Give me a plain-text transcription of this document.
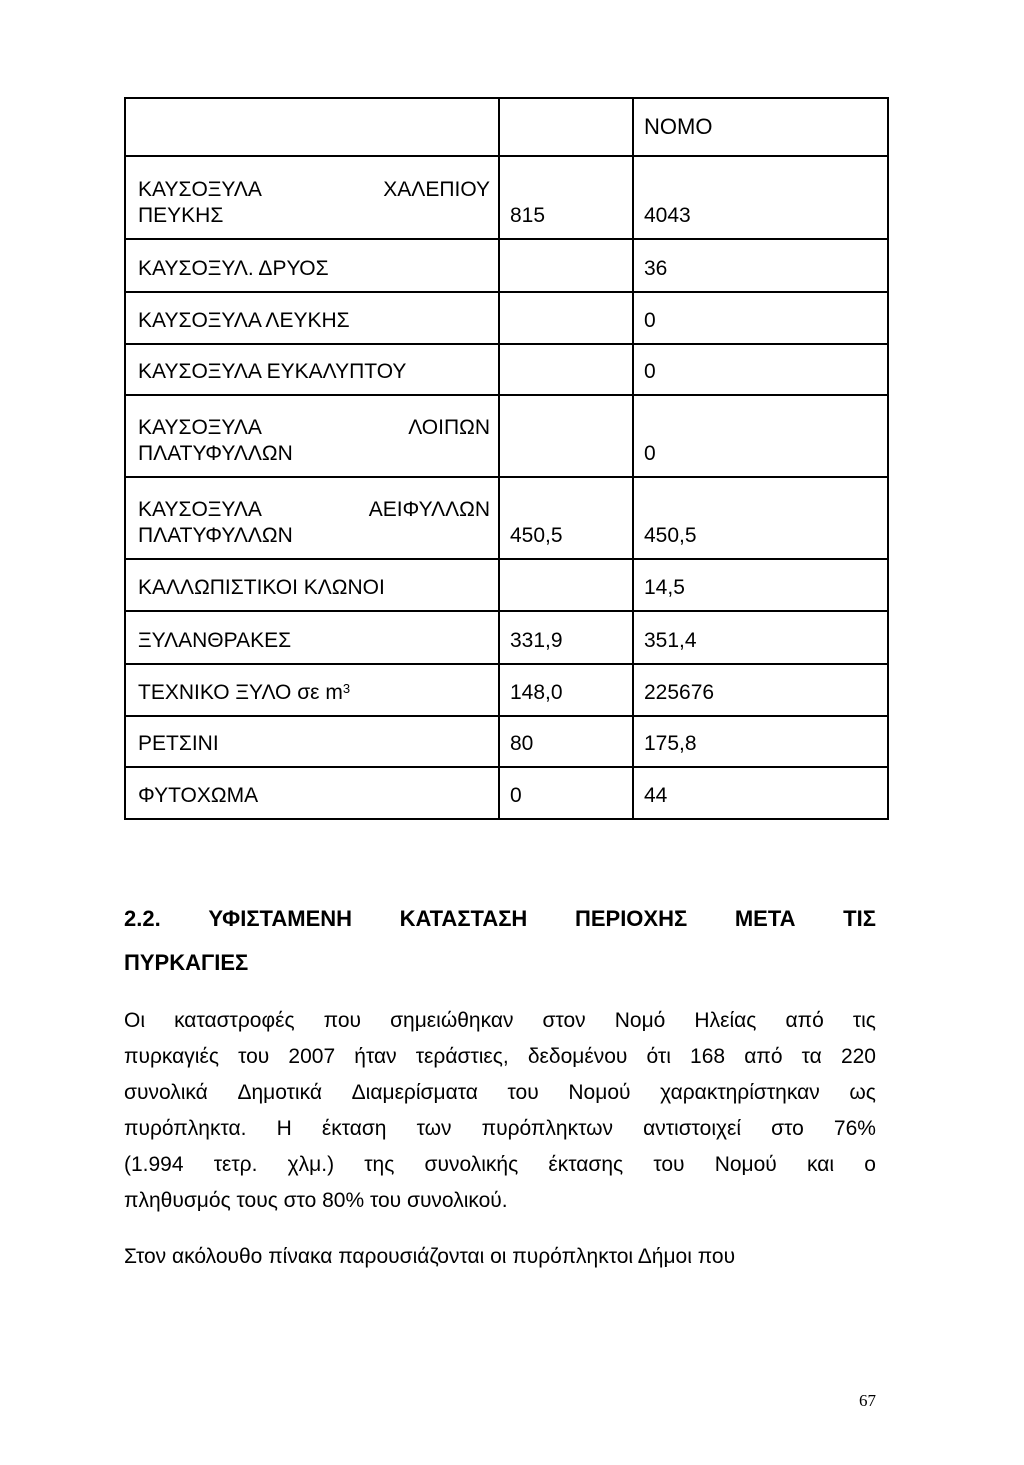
		ΝΟΜΟ

ΚΑΥΣΟΞΥΛΑ ΧΑΛΕΠΙΟΥ
ΠΕΥΚΗΣ	815	4043
ΚΑΥΣΟΞΥΛ. ΔΡΥΟΣ		36
ΚΑΥΣΟΞΥΛΑ ΛΕΥΚΗΣ		0
ΚΑΥΣΟΞΥΛΑ ΕΥΚΑΛΥΠΤΟΥ		0

ΚΑΥΣΟΞΥΛΑ ΛΟΙΠΩΝ
ΠΛΑΤΥΦΥΛΛΩΝ		0

ΚΑΥΣΟΞΥΛΑ ΑΕΙΦΥΛΛΩΝ
ΠΛΑΤΥΦΥΛΛΩΝ	450,5	450,5
ΚΑΛΛΩΠΙΣΤΙΚΟΙ ΚΛΩΝΟΙ		14,5
ΞΥΛΑΝΘΡΑΚΕΣ	331,9	351,4
ΤΕΧΝΙΚΟ ΞΥΛΟ σε $m^3$	148,0	225676
ΡΕΤΣΙΝΙ	80	175,8
ΦΥΤΟΧΩΜΑ	0	44
2.2. ΥΦΙΣΤΑΜΕΝΗ ΚΑΤΑΣΤΑΣΗ ΠΕΡΙΟΧΗΣ ΜΕΤΑ ΤΙΣ
ΠΥΡΚΑΓΙΕΣ
Οι καταστροφές που σημειώθηκαν στον Νομό Ηλείας από τις
πυρκαγιές του 2007 ήταν τεράστιες, δεδομένου ότι 168 από τα 220
συνολικά Δημοτικά Διαμερίσματα του Νομού χαρακτηρίστηκαν ως
πυρόπληκτα. Η έκταση των πυρόπληκτων αντιστοιχεί στο 76%
(1.994 τετρ. χλμ.) της συνολικής έκτασης του Νομού και ο
πληθυσμός τους στο 80% του συνολικού.
Στον ακόλουθο πίνακα παρουσιάζονται οι πυρόπληκτοι Δήμοι που

67
